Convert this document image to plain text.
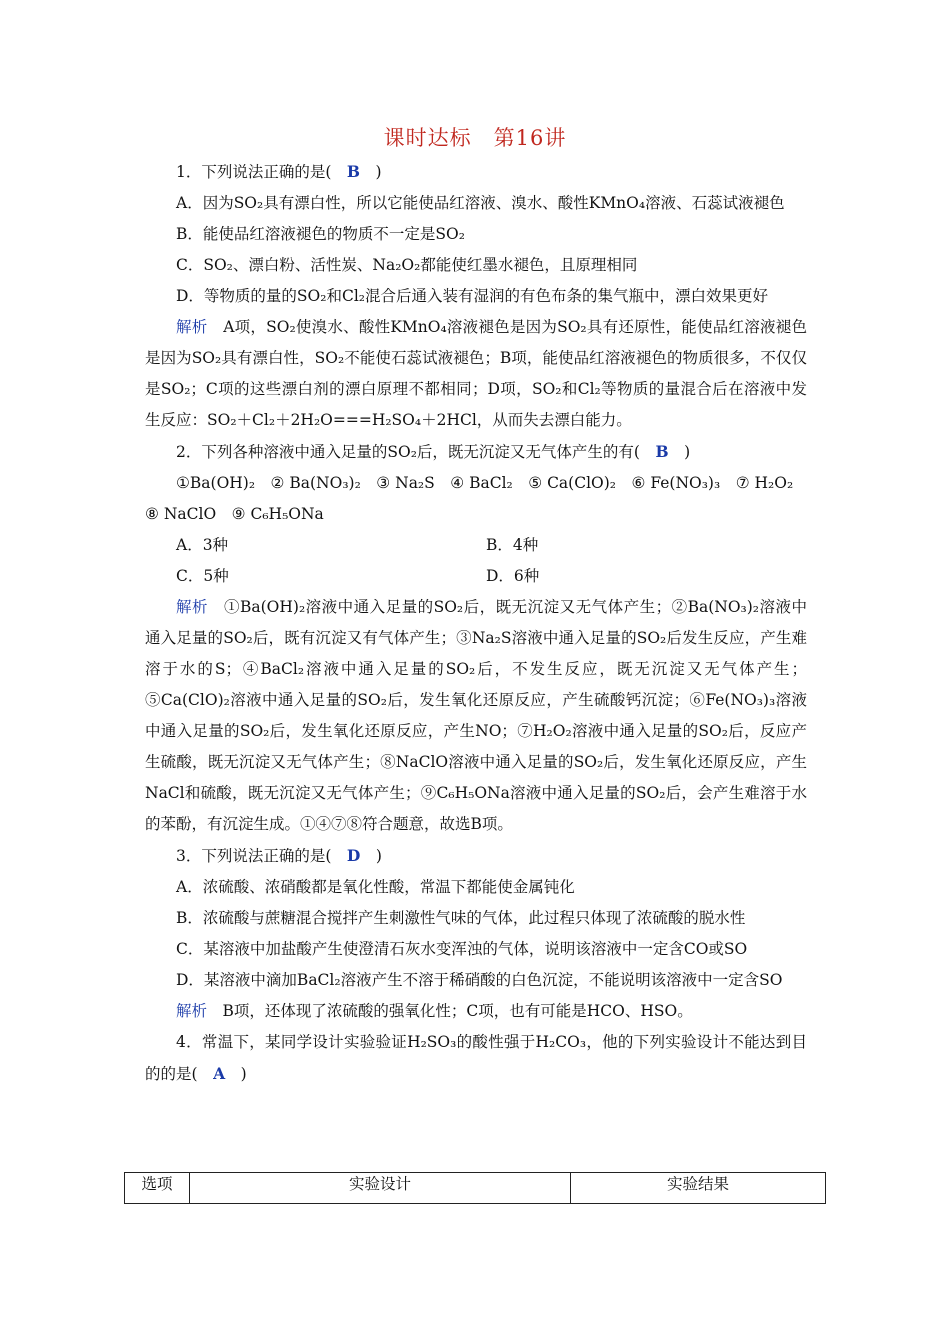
课时达标　第16讲

1．下列说法正确的是(　B　)

A．因为SO₂具有漂白性，所以它能使品红溶液、溴水、酸性KMnO₄溶液、石蕊试液褪色

B．能使品红溶液褪色的物质不一定是SO₂

C．SO₂、漂白粉、活性炭、Na₂O₂都能使红墨水褪色，且原理相同

D．等物质的量的SO₂和Cl₂混合后通入装有湿润的有色布条的集气瓶中，漂白效果更好

解析　A项，SO₂使溴水、酸性KMnO₄溶液褪色是因为SO₂具有还原性，能使品红溶液褪色是因为SO₂具有漂白性，SO₂不能使石蕊试液褪色；B项，能使品红溶液褪色的物质很多，不仅仅是SO₂；C项的这些漂白剂的漂白原理不都相同；D项，SO₂和Cl₂等物质的量混合后在溶液中发生反应：SO₂＋Cl₂＋2H₂O===H₂SO₄＋2HCl，从而失去漂白能力。

2．下列各种溶液中通入足量的SO₂后，既无沉淀又无气体产生的有(　B　)

①Ba(OH)₂　② Ba(NO₃)₂　③ Na₂S　④ BaCl₂　⑤ Ca(ClO)₂　⑥ Fe(NO₃)₃　⑦ H₂O₂

⑧ NaClO　⑨ C₆H₅ONa

A．3种	B．4种
C．5种	D．6种

解析　①Ba(OH)₂溶液中通入足量的SO₂后，既无沉淀又无气体产生；②Ba(NO₃)₂溶液中通入足量的SO₂后，既有沉淀又有气体产生；③Na₂S溶液中通入足量的SO₂后发生反应，产生难溶于水的S；④BaCl₂溶液中通入足量的SO₂后，不发生反应，既无沉淀又无气体产生；⑤Ca(ClO)₂溶液中通入足量的SO₂后，发生氧化还原反应，产生硫酸钙沉淀；⑥Fe(NO₃)₃溶液中通入足量的SO₂后，发生氧化还原反应，产生NO；⑦H₂O₂溶液中通入足量的SO₂后，反应产生硫酸，既无沉淀又无气体产生；⑧NaClO溶液中通入足量的SO₂后，发生氧化还原反应，产生NaCl和硫酸，既无沉淀又无气体产生；⑨C₆H₅ONa溶液中通入足量的SO₂后，会产生难溶于水的苯酚，有沉淀生成。①④⑦⑧符合题意，故选B项。

3．下列说法正确的是(　D　)

A．浓硫酸、浓硝酸都是氧化性酸，常温下都能使金属钝化

B．浓硫酸与蔗糖混合搅拌产生刺激性气味的气体，此过程只体现了浓硫酸的脱水性

C．某溶液中加盐酸产生使澄清石灰水变浑浊的气体，说明该溶液中一定含CO或SO

D．某溶液中滴加BaCl₂溶液产生不溶于稀硝酸的白色沉淀，不能说明该溶液中一定含SO

解析　B项，还体现了浓硫酸的强氧化性；C项，也有可能是HCO、HSO。

4．常温下，某同学设计实验验证H₂SO₃的酸性强于H₂CO₃，他的下列实验设计不能达到目的的是(　A　)

选项	实验设计	实验结果
